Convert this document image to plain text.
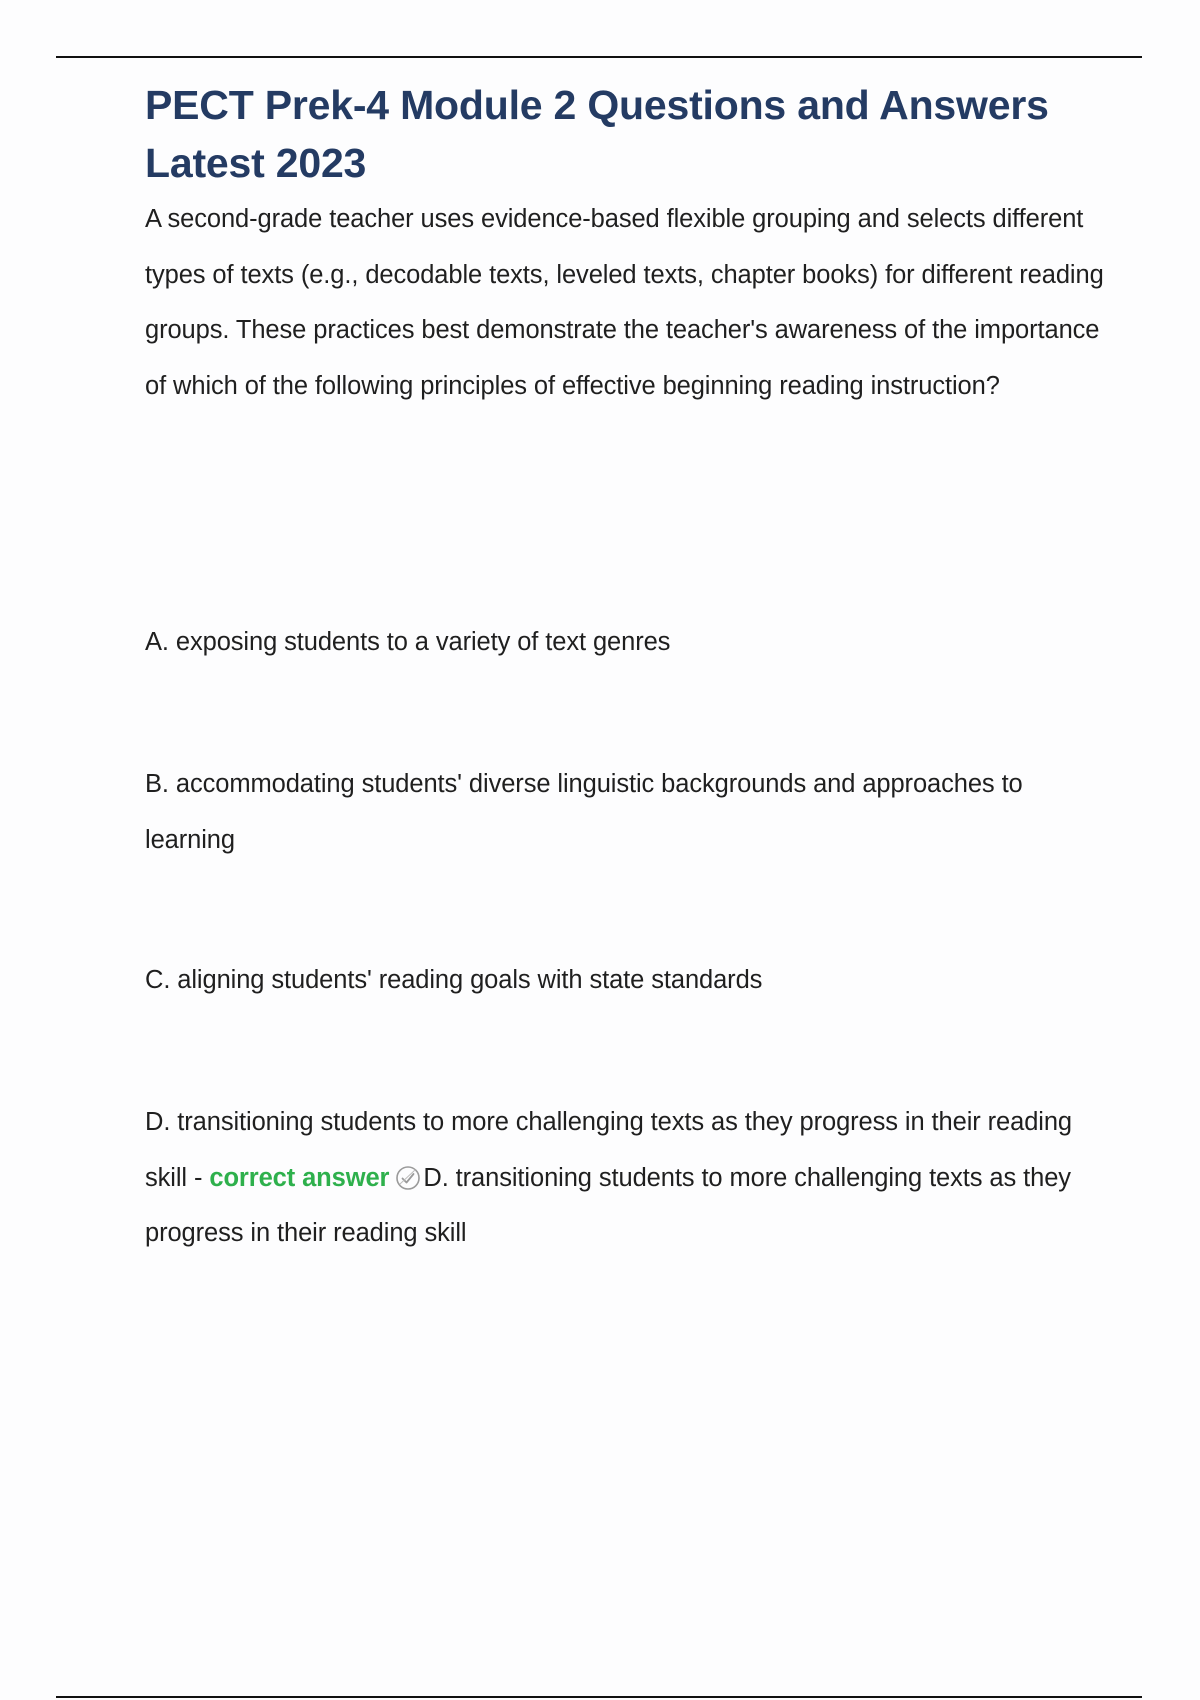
PECT Prek-4 Module 2 Questions and Answers Latest 2023

A second-grade teacher uses evidence-based flexible grouping and selects different types of texts (e.g., decodable texts, leveled texts, chapter books) for different reading groups. These practices best demonstrate the teacher's awareness of the importance of which of the following principles of effective beginning reading instruction?

A. exposing students to a variety of text genres

B. accommodating students' diverse linguistic backgrounds and approaches to learning

C. aligning students' reading goals with state standards

D. transitioning students to more challenging texts as they progress in their reading skill - correct answer D. transitioning students to more challenging texts as they progress in their reading skill
